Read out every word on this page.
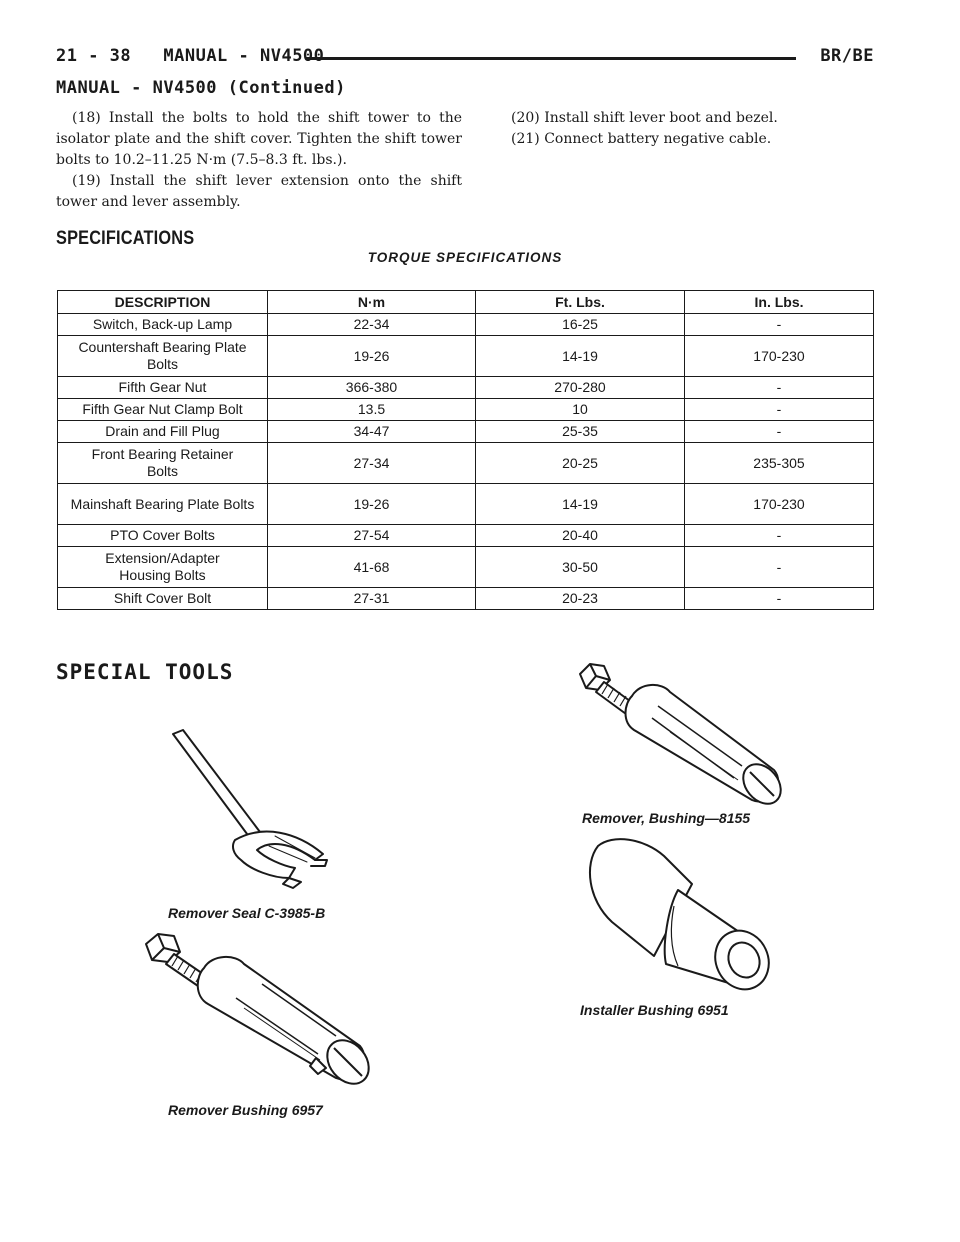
21 - 38 MANUAL - NV4500	BR/BE
MANUAL - NV4500 (Continued)

(18) Install the bolts to hold the shift tower to the isolator plate and the shift cover. Tighten the shift tower bolts to 10.2–11.25 N·m (7.5–8.3 ft. lbs.).

(19) Install the shift lever extension onto the shift tower and lever assembly.

(20) Install shift lever boot and bezel.

(21) Connect battery negative cable.

SPECIFICATIONS
TORQUE SPECIFICATIONS
DESCRIPTION	N·m	Ft. Lbs.	In. Lbs.
Switch, Back-up Lamp	22-34	16-25	-
Countershaft Bearing Plate Bolts	19-26	14-19	170-230
Fifth Gear Nut	366-380	270-280	-
Fifth Gear Nut Clamp Bolt	13.5	10	-
Drain and Fill Plug	34-47	25-35	-
Front Bearing Retainer Bolts	27-34	20-25	235-305
Mainshaft Bearing Plate Bolts	19-26	14-19	170-230
PTO Cover Bolts	27-54	20-40	-
Extension/Adapter Housing Bolts	41-68	30-50	-
Shift Cover Bolt	27-31	20-23	-
SPECIAL TOOLS
Remover Seal C-3985-B
Remover, Bushing—8155
Installer Bushing 6951
Remover Bushing 6957
